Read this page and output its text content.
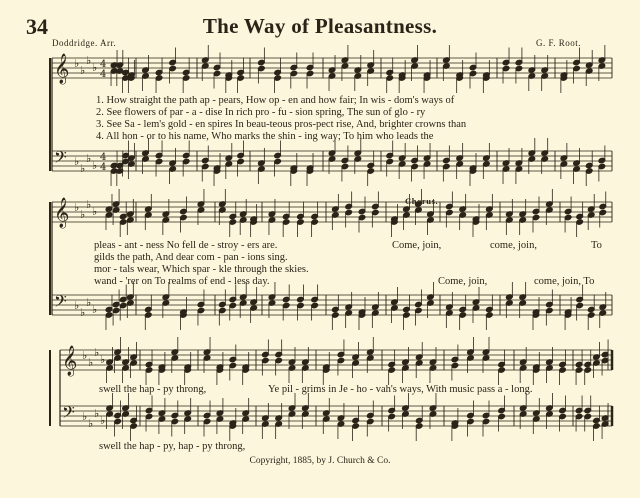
34	The Way of Pleasantness.
Doddridge. Arr.	G. F. Root.
𝄞
𝄢
♭
♭
♭
♭
♭
♭
♭
♭
4
4
4
4
𝄞
𝄢
♭
♭
♭
♭
♭
♭
♭
♭
𝄞
𝄢
♭
♭
♭
♭
♭
♭
♭
♭
1. How straight the path ap - pears, How op - en and how fair; In wis - dom's ways of
2. See flowers of par - a - dise In rich pro - fu - sion spring, The sun of glo - ry
3. See Sa - lem's gold - en spires In beau-teous pros-pect rise, And, brighter crowns than
4. All hon - or to his name, Who marks the shin - ing way; To him who leads the
Chorus.
pleas - ant - ness No fell de - stroy - ers are.
gilds the path, And dear com - pan - ions sing.
mor - tals wear, Which spar - kle through the skies.
wand - 'rer on To realms of end - less day.
Come, join,	come, join,	To
Come, join,	come, join, To
swell the hap - py throng,	Ye pil - grims in Je - ho - vah's ways, With music pass a - long.
swell the hap - py, hap - py throng,
Copyright, 1885, by J. Church & Co.
